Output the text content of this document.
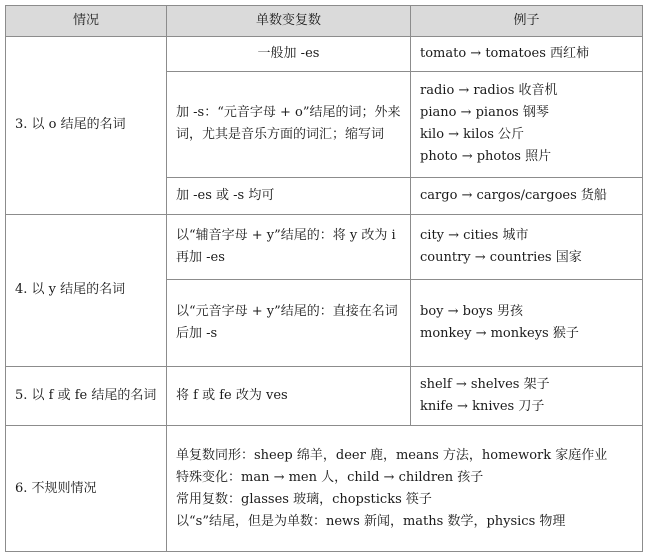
情况	单数变复数	例子
3. 以 o 结尾的名词	一般加 -es	tomato → tomatoes 西红柿

	加 -s：“元音字母 + o”结尾的词；外来词，尤其是音乐方面的词汇；缩写词	radio → radios 收音机
piano → pianos 钢琴
kilo → kilos 公斤
photo → photos 照片

	加 -es 或 -s 均可	cargo → cargos/cargoes 货船

4. 以 y 结尾的名词	以“辅音字母 + y”结尾的：将 y 改为 i 再加 -es	city → cities 城市
country → countries 国家

	以“元音字母 + y”结尾的：直接在名词后加 -s	boy → boys 男孩
monkey → monkeys 猴子

5. 以 f 或 fe 结尾的名词	将 f 或 fe 改为 ves	shelf → shelves 架子
knife → knives 刀子

6. 不规则情况	单复数同形：sheep 绵羊，deer 鹿，means 方法，homework 家庭作业
特殊变化：man → men 人，child → children 孩子
常用复数：glasses 玻璃，chopsticks 筷子
以“s”结尾，但是为单数：news 新闻，maths 数学，physics 物理	
